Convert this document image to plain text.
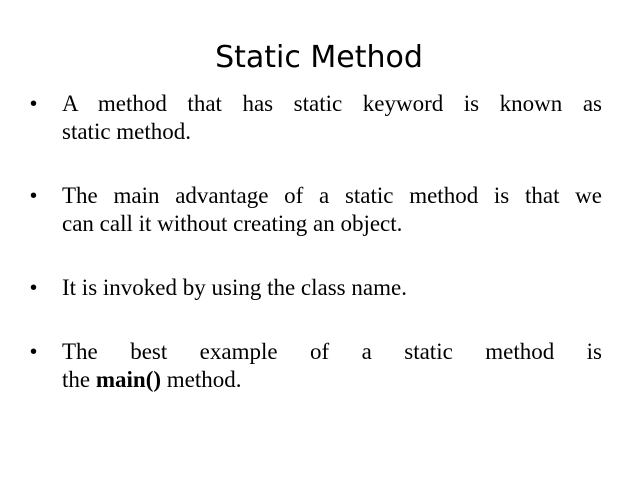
Static Method
•	A method that has static keyword is known as
static method.
•	The main advantage of a static method is that we
can call it without creating an object.
•	It is invoked by using the class name.
•	The best example of a static method is
the main() method.
